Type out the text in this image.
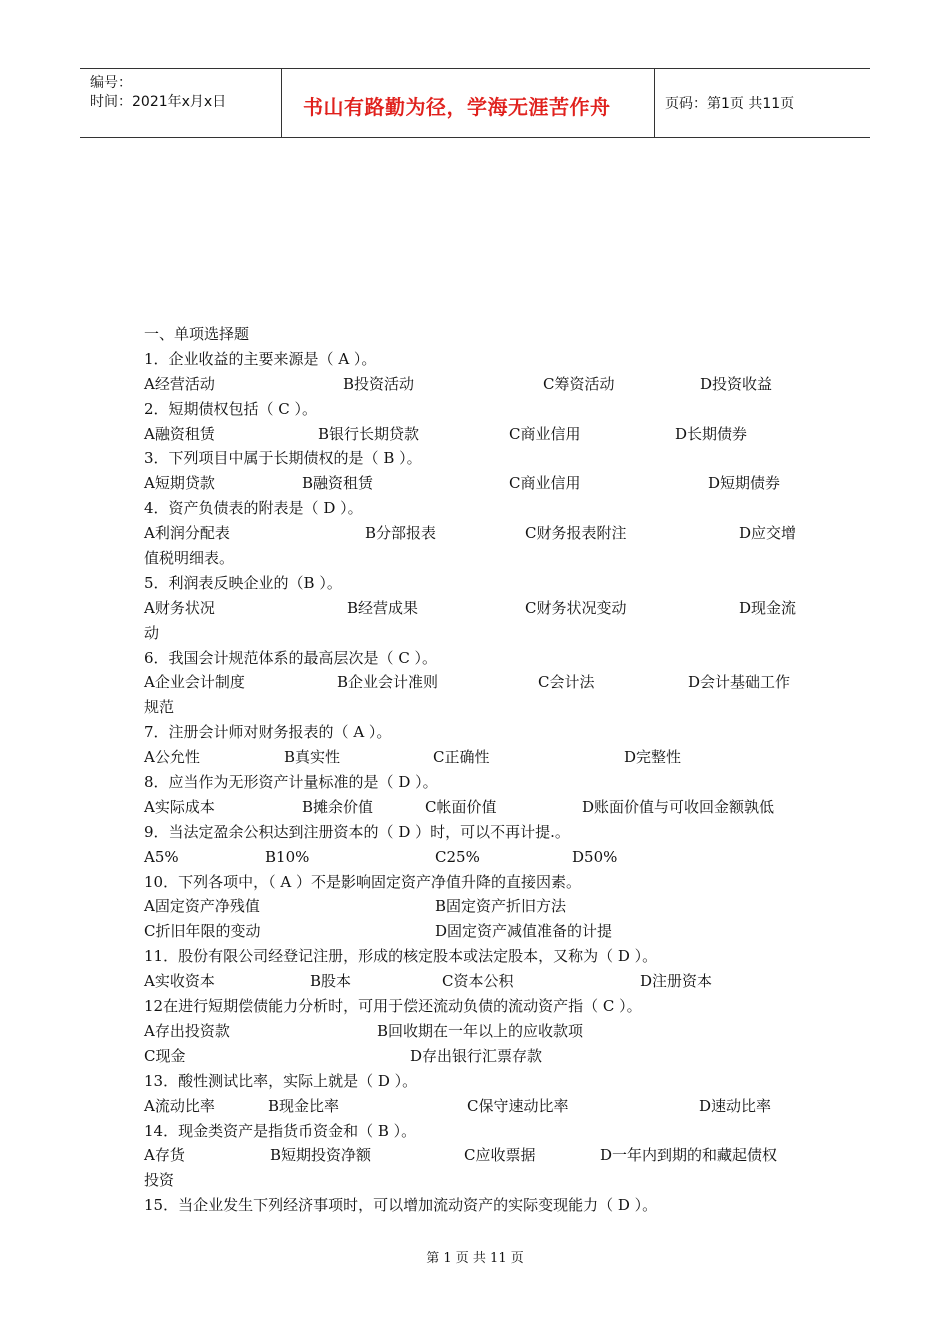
编号：
时间：2021年x月x日	书山有路勤为径，学海无涯苦作舟	页码：第1页 共11页
一、单项选择题
1．企业收益的主要来源是（ A ）。
A经营活动	B投资活动	C筹资活动	D投资收益
2．短期债权包括（ C ）。
A融资租赁	B银行长期贷款	C商业信用	D长期债券
3．下列项目中属于长期债权的是（ B ）。
A短期贷款	B融资租赁	C商业信用	D短期债券
4．资产负债表的附表是（ D ）。
A利润分配表	B分部报表	C财务报表附注	D应交增
值税明细表。
5．利润表反映企业的（B ）。
A财务状况	B经营成果	C财务状况变动	D现金流
动
6．我国会计规范体系的最高层次是（ C ）。
A企业会计制度	B企业会计准则	C会计法	D会计基础工作
规范
7．注册会计师对财务报表的（ A ）。
A公允性	B真实性	C正确性	D完整性
8．应当作为无形资产计量标准的是（ D ）。
A实际成本	B摊余价值	C帐面价值	D账面价值与可收回金额孰低
9．当法定盈余公积达到注册资本的（ D ）时，可以不再计提.。
A5%	B10%	C25%	D50%
10．下列各项中，（ A ）不是影响固定资产净值升降的直接因素。
A固定资产净残值	B固定资产折旧方法
C折旧年限的变动	D固定资产减值准备的计提
11．股份有限公司经登记注册，形成的核定股本或法定股本，又称为（ D ）。
A实收资本	B股本	C资本公积	D注册资本
12在进行短期偿债能力分析时，可用于偿还流动负债的流动资产指（ C ）。
A存出投资款	B回收期在一年以上的应收款项
C现金	D存出银行汇票存款
13．酸性测试比率，实际上就是（ D ）。
A流动比率	B现金比率	C保守速动比率	D速动比率
14．现金类资产是指货币资金和（ B ）。
A存货	B短期投资净额	C应收票据	D一年内到期的和藏起债权
投资
15．当企业发生下列经济事项时，可以增加流动资产的实际变现能力（ D ）。
第 1 页 共 11 页
